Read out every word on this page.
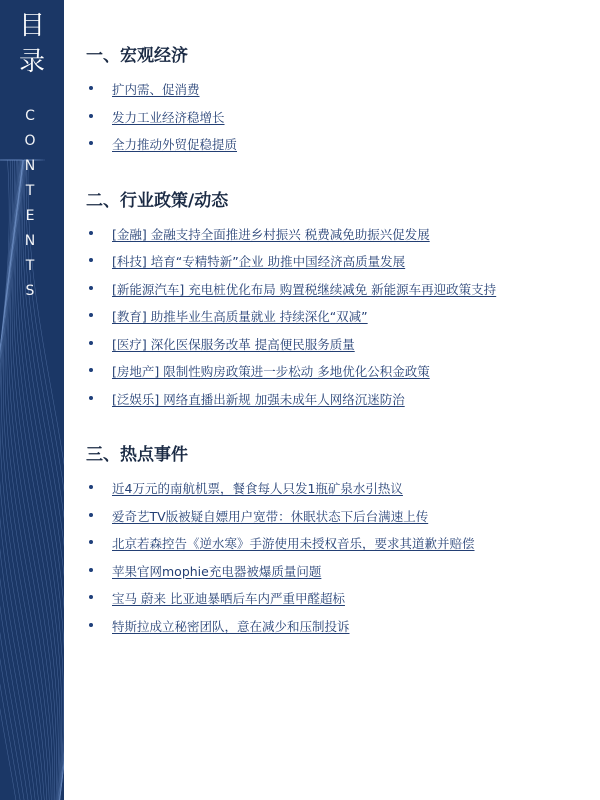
目
录
CONTENTS
一、宏观经济
扩内需、促消费
发力工业经济稳增长
全力推动外贸促稳提质
二、行业政策/动态
[金融] 金融支持全面推进乡村振兴 税费减免助振兴促发展
[科技] 培育“专精特新”企业 助推中国经济高质量发展
[新能源汽车] 充电桩优化布局 购置税继续减免 新能源车再迎政策支持
[教育] 助推毕业生高质量就业 持续深化“双减”
[医疗] 深化医保服务改革 提高便民服务质量
[房地产] 限制性购房政策进一步松动 多地优化公积金政策
[泛娱乐] 网络直播出新规 加强未成年人网络沉迷防治
三、热点事件
近4万元的南航机票，餐食每人只发1瓶矿泉水引热议
爱奇艺TV版被疑自嫖用户宽带：休眠状态下后台满速上传
北京若森控告《逆水寒》手游使用未授权音乐，要求其道歉并赔偿
苹果官网mophie充电器被爆质量问题
宝马 蔚来 比亚迪暴晒后车内严重甲醛超标
特斯拉成立秘密团队，意在减少和压制投诉
